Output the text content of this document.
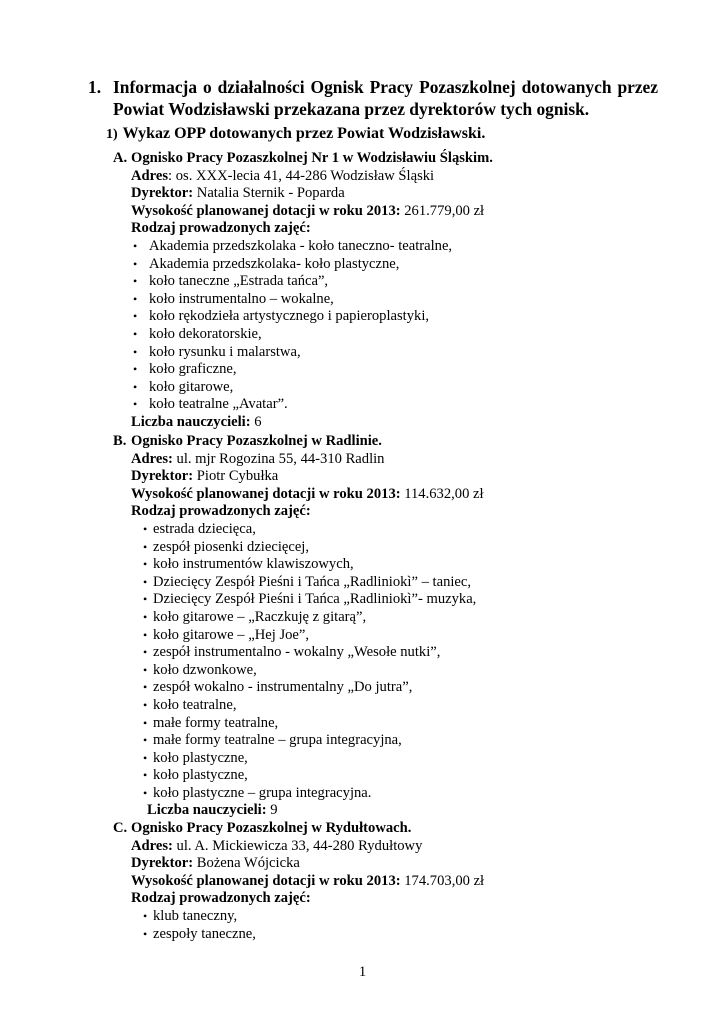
1. Informacja o działalności Ognisk Pracy Pozaszkolnej dotowanych przez Powiat Wodzisławski przekazana przez dyrektorów tych ognisk.
1) Wykaz OPP dotowanych przez Powiat Wodzisławski.
A. Ognisko Pracy Pozaszkolnej Nr 1 w Wodzisławiu Śląskim.
Adres: os. XXX-lecia 41, 44-286 Wodzisław Śląski
Dyrektor: Natalia Sternik - Poparda
Wysokość planowanej dotacji w roku 2013: 261.779,00 zł
Rodzaj prowadzonych zajęć:
• Akademia przedszkolaka - koło taneczno- teatralne,
• Akademia przedszkolaka- koło plastyczne,
• koło taneczne „Estrada tańca”,
• koło instrumentalno – wokalne,
• koło rękodzieła artystycznego i papieroplastyki,
• koło dekoratorskie,
• koło rysunku i malarstwa,
• koło graficzne,
• koło gitarowe,
• koło teatralne „Avatar”.
Liczba nauczycieli: 6
B. Ognisko Pracy Pozaszkolnej w Radlinie.
Adres: ul. mjr Rogozina 55, 44-310 Radlin
Dyrektor: Piotr Cybułka
Wysokość planowanej dotacji w roku 2013: 114.632,00 zł
Rodzaj prowadzonych zajęć:
• estrada dziecięca,
• zespół piosenki dziecięcej,
• koło instrumentów klawiszowych,
• Dziecięcy Zespół Pieśni i Tańca „Radliniokì” – taniec,
• Dziecięcy Zespół Pieśni i Tańca „Radliniokì”- muzyka,
• koło gitarowe – „Raczkuję z gitarą”,
• koło gitarowe – „Hej Joe”,
• zespół instrumentalno - wokalny „Wesołe nutki”,
• koło dzwonkowe,
• zespół wokalno - instrumentalny „Do jutra”,
• koło teatralne,
• małe formy teatralne,
• małe formy teatralne – grupa integracyjna,
• koło plastyczne,
• koło plastyczne,
• koło plastyczne – grupa integracyjna.
Liczba nauczycieli: 9
C. Ognisko Pracy Pozaszkolnej w Rydułtowach.
Adres: ul. A. Mickiewicza 33, 44-280 Rydułtowy
Dyrektor: Bożena Wójcicka
Wysokość planowanej dotacji w roku 2013: 174.703,00 zł
Rodzaj prowadzonych zajęć:
• klub taneczny,
• zespoły taneczne,
1
